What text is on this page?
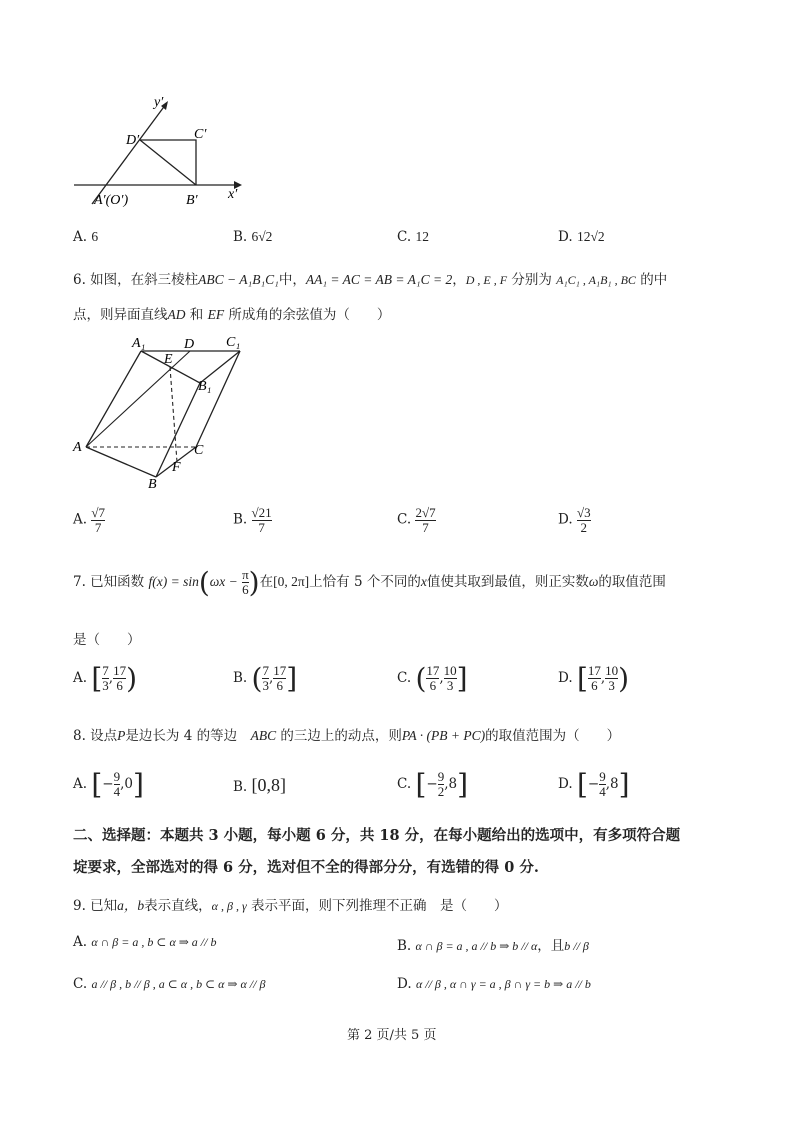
y′
D′	C′
A′(O′)	B′ x′
A. 6	B. 6√2	C. 12	D. 12√2
6. 如图，在斜三棱柱ABC − A₁B₁C₁中，AA₁ = AC = AB = A₁C = 2，D , E , F 分别为 A₁C₁ , A₁B₁ , BC 的中
点，则异面直线AD 和 EF 所成角的余弦值为（　　）
A₁
E
D C₁
B₁
A	C
F
B
A. $\frac{√7}{7}$	B. $\frac{√21}{7}$	C. $\frac{2√7}{7}$	D. $\frac{√3}{2}$
7. 已知函数 $f(x) = \sin(\omega x - \frac{\pi}{6}$ )在[0, 2π]上恰有 5 个不同的x值使其取到最值，则正实数ω的取值范围
是（　　）
A. [ $\frac{7}{3}$ , $\frac{17}{6}$ )	B. ( $\frac{7}{3}$ , $\frac{17}{6}$ ]	C. ( $\frac{17}{6}$ , $\frac{10}{3}$ ]	D. [ $\frac{17}{6}$ , $\frac{10}{3}$ )
8. 设点P是边长为 4 的等边　 ABC 的三边上的动点，则PA · (PB + PC)的取值范围为（　　）
A. [− $\frac{9}{4} ,0$]	B. [0,8]	C. [− $\frac{9}{2} ,8$]	D. [− $\frac{9}{4} ,8$]
二、选择题：本题共 3 小题，每小题 6 分，共 18 分，在每小题给出的选项中，有多项符合题
埞要求，全部选对的得 6 分，选对但不全的得部分分，有选错的得 0 分.
9. 已知a，b表示直线，α , β , γ 表示平面，则下列推理不正确　是（　　）
A. α ∩ β = a , b ⊂ α ⇒ a // b	B. α ∩ β = a , a // b ⇒ b // α，且b // β
C. a // β , b // β , a ⊂ α , b ⊂ α ⇒ α // β	D. α // β , α ∩ γ = a , β ∩ γ = b ⇒ a // b
第 2 页/共 5 页
